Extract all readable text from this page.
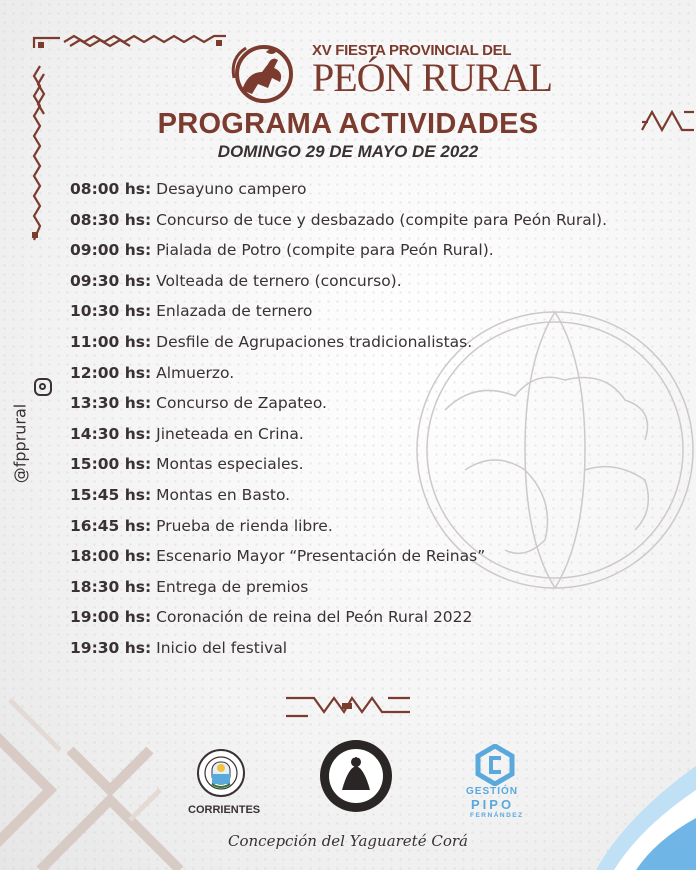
XV FIESTA PROVINCIAL DEL
PEÓN RURAL
PROGRAMA ACTIVIDADES
DOMINGO 29 DE MAYO DE 2022
08:00 hs: Desayuno campero
08:30 hs: Concurso de tuce y desbazado (compite para Peón Rural).
09:00 hs: Pialada de Potro (compite para Peón Rural).
09:30 hs: Volteada de ternero (concurso).
10:30 hs: Enlazada de ternero
11:00 hs: Desfile de Agrupaciones tradicionalistas.
12:00 hs: Almuerzo.
13:30 hs: Concurso de Zapateo.
14:30 hs: Jineteada en Crina.
15:00 hs: Montas especiales.
15:45 hs: Montas en Basto.
16:45 hs: Prueba de rienda libre.
18:00 hs: Escenario Mayor “Presentación de Reinas”
18:30 hs: Entrega de premios
19:00 hs: Coronación de reina del Peón Rural 2022
19:30 hs: Inicio del festival
@fpprural
CORRIENTES
GESTIÓN
PIPO
FERNÁNDEZ
Concepción del Yaguareté Corá
